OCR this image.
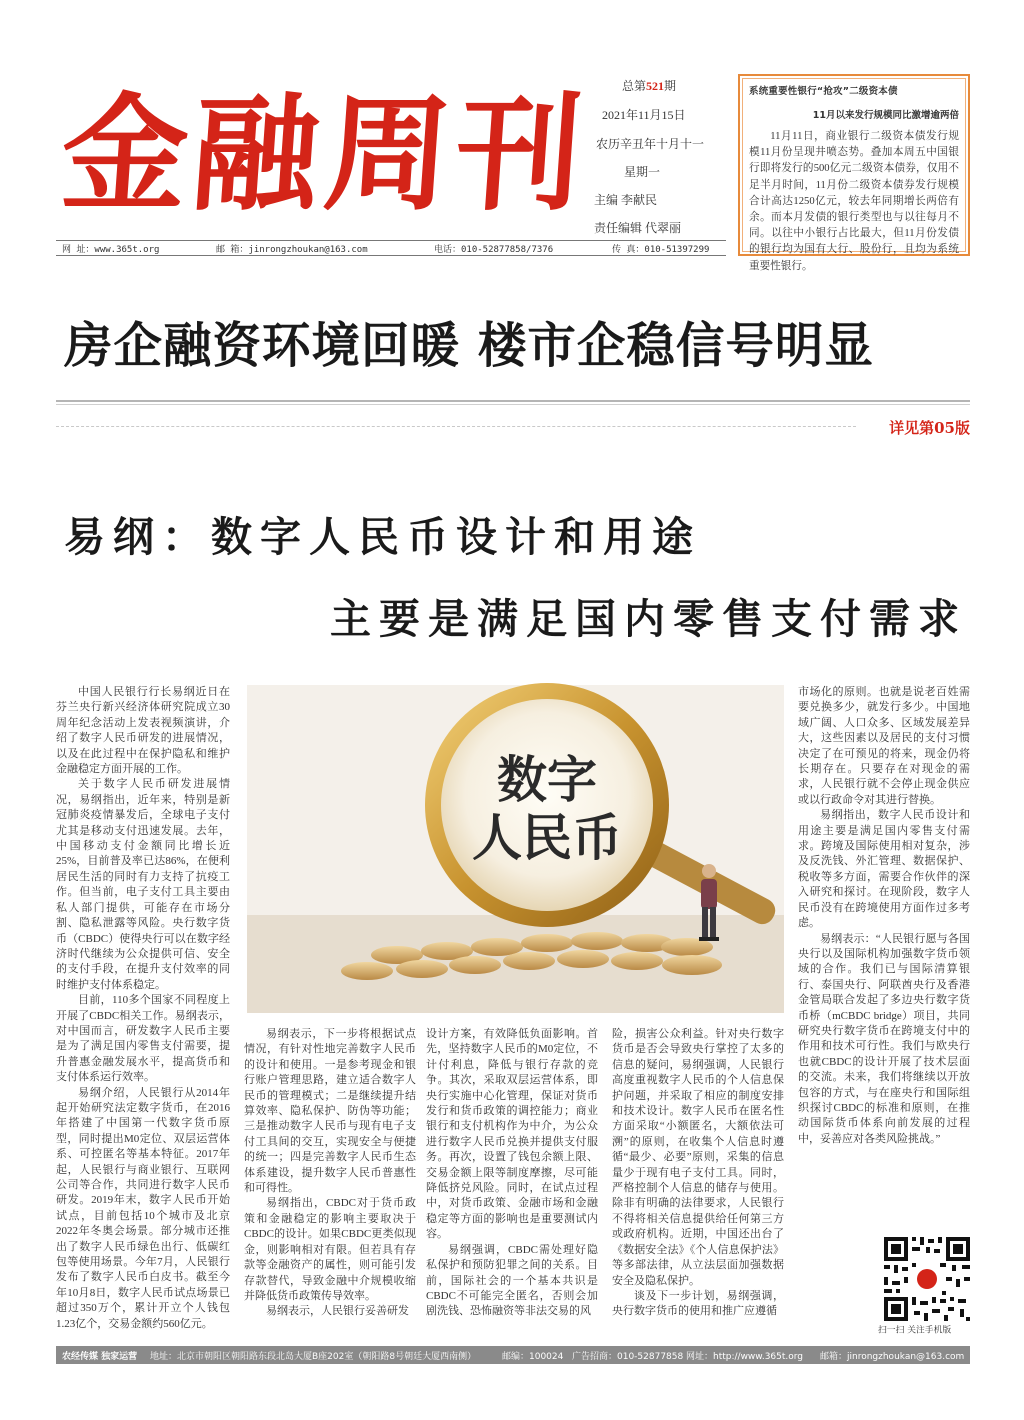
金
融
周
刊	总第521期
2021年11月15日
农历辛丑年十月十一
星期一
主编 李献民
责任编辑 代翠丽
系统重要性银行“抢攻”二级资本债
11月以来发行规模同比激增逾两倍
11月11日，商业银行二级资本债发行规模11月份呈现井喷态势。叠加本周五中国银行即将发行的500亿元二级资本债券，仅用不足半月时间，11月份二级资本债券发行规模合计高达1250亿元，较去年同期增长两倍有余。而本月发债的银行类型也与以往每月不同。以往中小银行占比最大，但11月份发债的银行均为国有大行、股份行，且均为系统重要性银行。
网 址：www.365t.org	邮 箱：jinrongzhoukan@163.com	电话：010-52877858/7376	传 真：010-51397299
房企融资环境回暖 楼市企稳信号明显
详见第05版
易纲：数字人民币设计和用途
主要是满足国内零售支付需求

中国人民银行行长易纲近日在芬兰央行新兴经济体研究院成立30周年纪念活动上发表视频演讲，介绍了数字人民币研发的进展情况，以及在此过程中在保护隐私和维护金融稳定方面开展的工作。

关于数字人民币研发进展情况，易纲指出，近年来，特别是新冠肺炎疫情暴发后，全球电子支付尤其是移动支付迅速发展。去年，中国移动支付金额同比增长近25%，目前普及率已达86%，在便利居民生活的同时有力支持了抗疫工作。但当前，电子支付工具主要由私人部门提供，可能存在市场分割、隐私泄露等风险。央行数字货币（CBDC）使得央行可以在数字经济时代继续为公众提供可信、安全的支付手段，在提升支付效率的同时维护支付体系稳定。

目前，110多个国家不同程度上开展了CBDC相关工作。易纲表示，对中国而言，研发数字人民币主要是为了满足国内零售支付需要，提升普惠金融发展水平，提高货币和支付体系运行效率。

易纲介绍，人民银行从2014年起开始研究法定数字货币，在2016年搭建了中国第一代数字货币原型，同时提出M0定位、双层运营体系、可控匿名等基本特征。2017年起，人民银行与商业银行、互联网公司等合作，共同进行数字人民币研发。2019年末，数字人民币开始试点，目前包括10个城市及北京2022年冬奥会场景。部分城市还推出了数字人民币绿色出行、低碳红包等使用场景。今年7月，人民银行发布了数字人民币白皮书。截至今年10月8日，数字人民币试点场景已超过350万个，累计开立个人钱包1.23亿个，交易金额约560亿元。

数字
人民币

易纲表示，下一步将根据试点情况，有针对性地完善数字人民币的设计和使用。一是参考现金和银行账户管理思路，建立适合数字人民币的管理模式；二是继续提升结算效率、隐私保护、防伪等功能；三是推动数字人民币与现有电子支付工具间的交互，实现安全与便捷的统一；四是完善数字人民币生态体系建设，提升数字人民币普惠性和可得性。

易纲指出，CBDC对于货币政策和金融稳定的影响主要取决于CBDC的设计。如果CBDC更类似现金，则影响相对有限。但若具有存款等金融资产的属性，则可能引发存款替代，导致金融中介规模收缩并降低货币政策传导效率。

易纲表示，人民银行妥善研发

设计方案，有效降低负面影响。首先，坚持数字人民币的M0定位，不计付利息，降低与银行存款的竞争。其次，采取双层运营体系，即央行实施中心化管理，保证对货币发行和货币政策的调控能力；商业银行和支付机构作为中介，为公众进行数字人民币兑换并提供支付服务。再次，设置了钱包余额上限、交易金额上限等制度摩擦，尽可能降低挤兑风险。同时，在试点过程中，对货币政策、金融市场和金融稳定等方面的影响也是重要测试内容。

易纲强调，CBDC需处理好隐私保护和预防犯罪之间的关系。目前，国际社会的一个基本共识是CBDC不可能完全匿名，否则会加剧洗钱、恐怖融资等非法交易的风

险，损害公众利益。针对央行数字货币是否会导致央行掌控了太多的信息的疑问，易纲强调，人民银行高度重视数字人民币的个人信息保护问题，并采取了相应的制度安排和技术设计。数字人民币在匿名性方面采取“小额匿名，大额依法可溯”的原则，在收集个人信息时遵循“最少、必要”原则，采集的信息量少于现有电子支付工具。同时，严格控制个人信息的储存与使用。除非有明确的法律要求，人民银行不得将相关信息提供给任何第三方或政府机构。近期，中国还出台了《数据安全法》《个人信息保护法》等多部法律，从立法层面加强数据安全及隐私保护。

谈及下一步计划，易纲强调，央行数字货币的使用和推广应遵循

市场化的原则。也就是说老百姓需要兑换多少，就发行多少。中国地域广阔、人口众多、区域发展差异大，这些因素以及居民的支付习惯决定了在可预见的将来，现金仍将长期存在。只要存在对现金的需求，人民银行就不会停止现金供应或以行政命令对其进行替换。

易纲指出，数字人民币设计和用途主要是满足国内零售支付需求。跨境及国际使用相对复杂，涉及反洗钱、外汇管理、数据保护、税收等多方面，需要合作伙伴的深入研究和探讨。在现阶段，数字人民币没有在跨境使用方面作过多考虑。

易纲表示：“人民银行愿与各国央行以及国际机构加强数字货币领域的合作。我们已与国际清算银行、泰国央行、阿联酋央行及香港金管局联合发起了多边央行数字货币桥（mCBDC bridge）项目，共同研究央行数字货币在跨境支付中的作用和技术可行性。我们与欧央行也就CBDC的设计开展了技术层面的交流。未来，我们将继续以开放包容的方式，与在座央行和国际组织探讨CBDC的标准和原则，在推动国际货币体系向前发展的过程中，妥善应对各类风险挑战。”

扫一扫 关注手机版
农经传媒 独家运营 地址：北京市朝阳区朝阳路东段北岛大厦B座202室（朝阳路8号朝廷大厦西南侧）	邮编：100024 广告招商：010-52877858 网址：http://www.365t.org 邮箱：jinrongzhoukan@163.com
